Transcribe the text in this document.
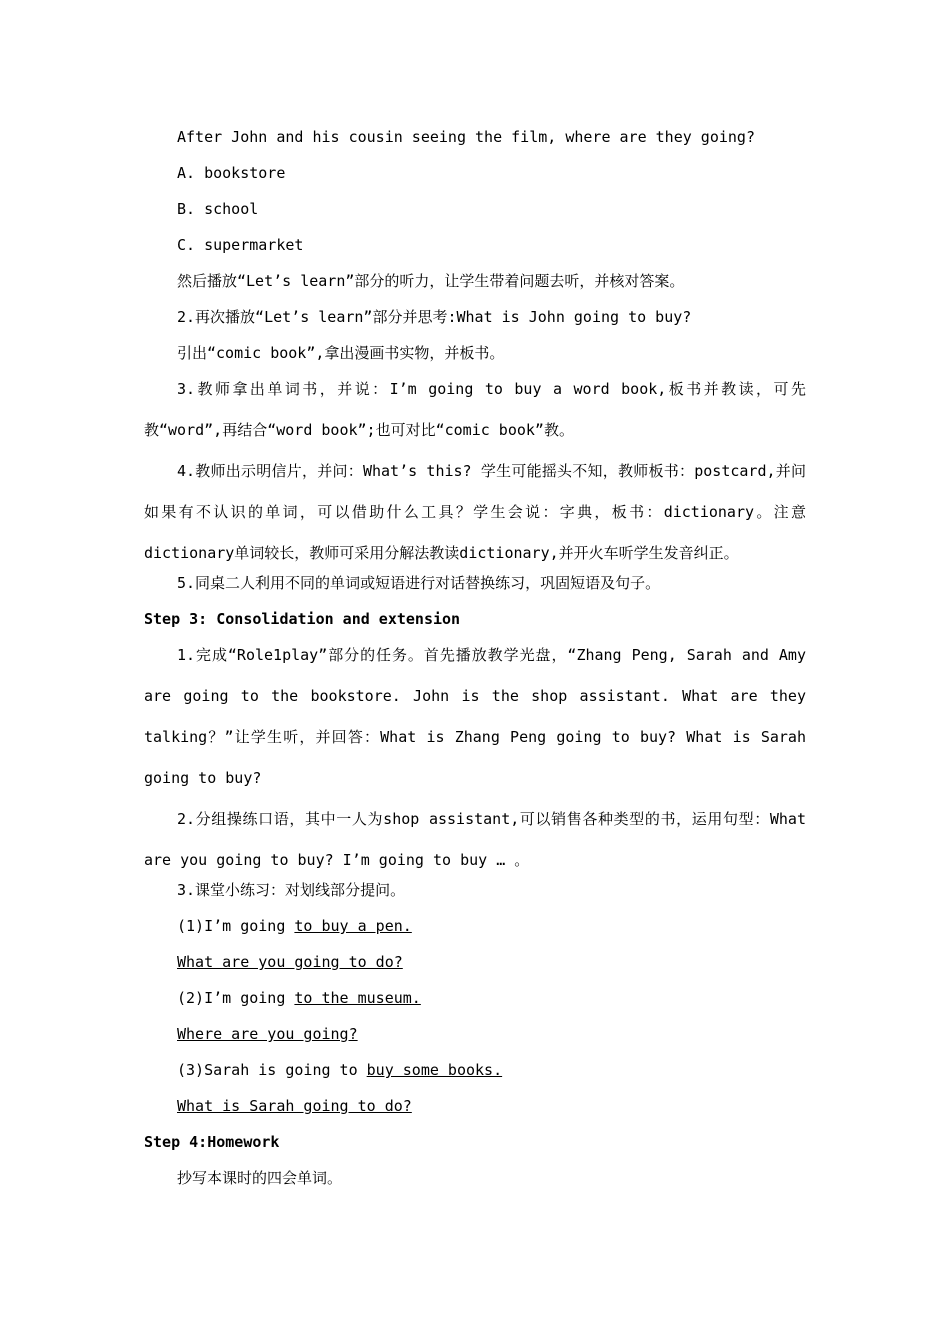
After John and his cousin seeing the film, where are they going?
A. bookstore
B. school
C. supermarket
然后播放“Let’s learn”部分的听力，让学生带着问题去听，并核对答案。
2.再次播放“Let’s learn”部分并思考:What is John going to buy?
引出“comic book”,拿出漫画书实物，并板书。

3.教师拿出单词书，并说：I’m going to buy a word book,板书并教读，可先教“word”,再结合“word book”;也可对比“comic book”教。

4.教师出示明信片，并问：What’s this? 学生可能摇头不知，教师板书：postcard,并问如果有不认识的单词，可以借助什么工具？学生会说：字典，板书：dictionary。注意dictionary单词较长，教师可采用分解法教读dictionary,并开火车听学生发音纠正。

5.同桌二人利用不同的单词或短语进行对话替换练习，巩固短语及句子。
Step 3: Consolidation and extension

1.完成“Role1play”部分的任务。首先播放教学光盘，“Zhang Peng, Sarah and Amy are going to the bookstore. John is the shop assistant. What are they talking？”让学生听，并回答：What is Zhang Peng going to buy? What is Sarah going to buy?

2.分组操练口语，其中一人为shop assistant,可以销售各种类型的书，运用句型：What are you going to buy? I’m going to buy … 。

3.课堂小练习：对划线部分提问。
(1)I’m going to buy a pen.
What are you going to do?
(2)I’m going to the museum.
Where are you going?
(3)Sarah is going to buy some books.
What is Sarah going to do?
Step 4:Homework
抄写本课时的四会单词。
